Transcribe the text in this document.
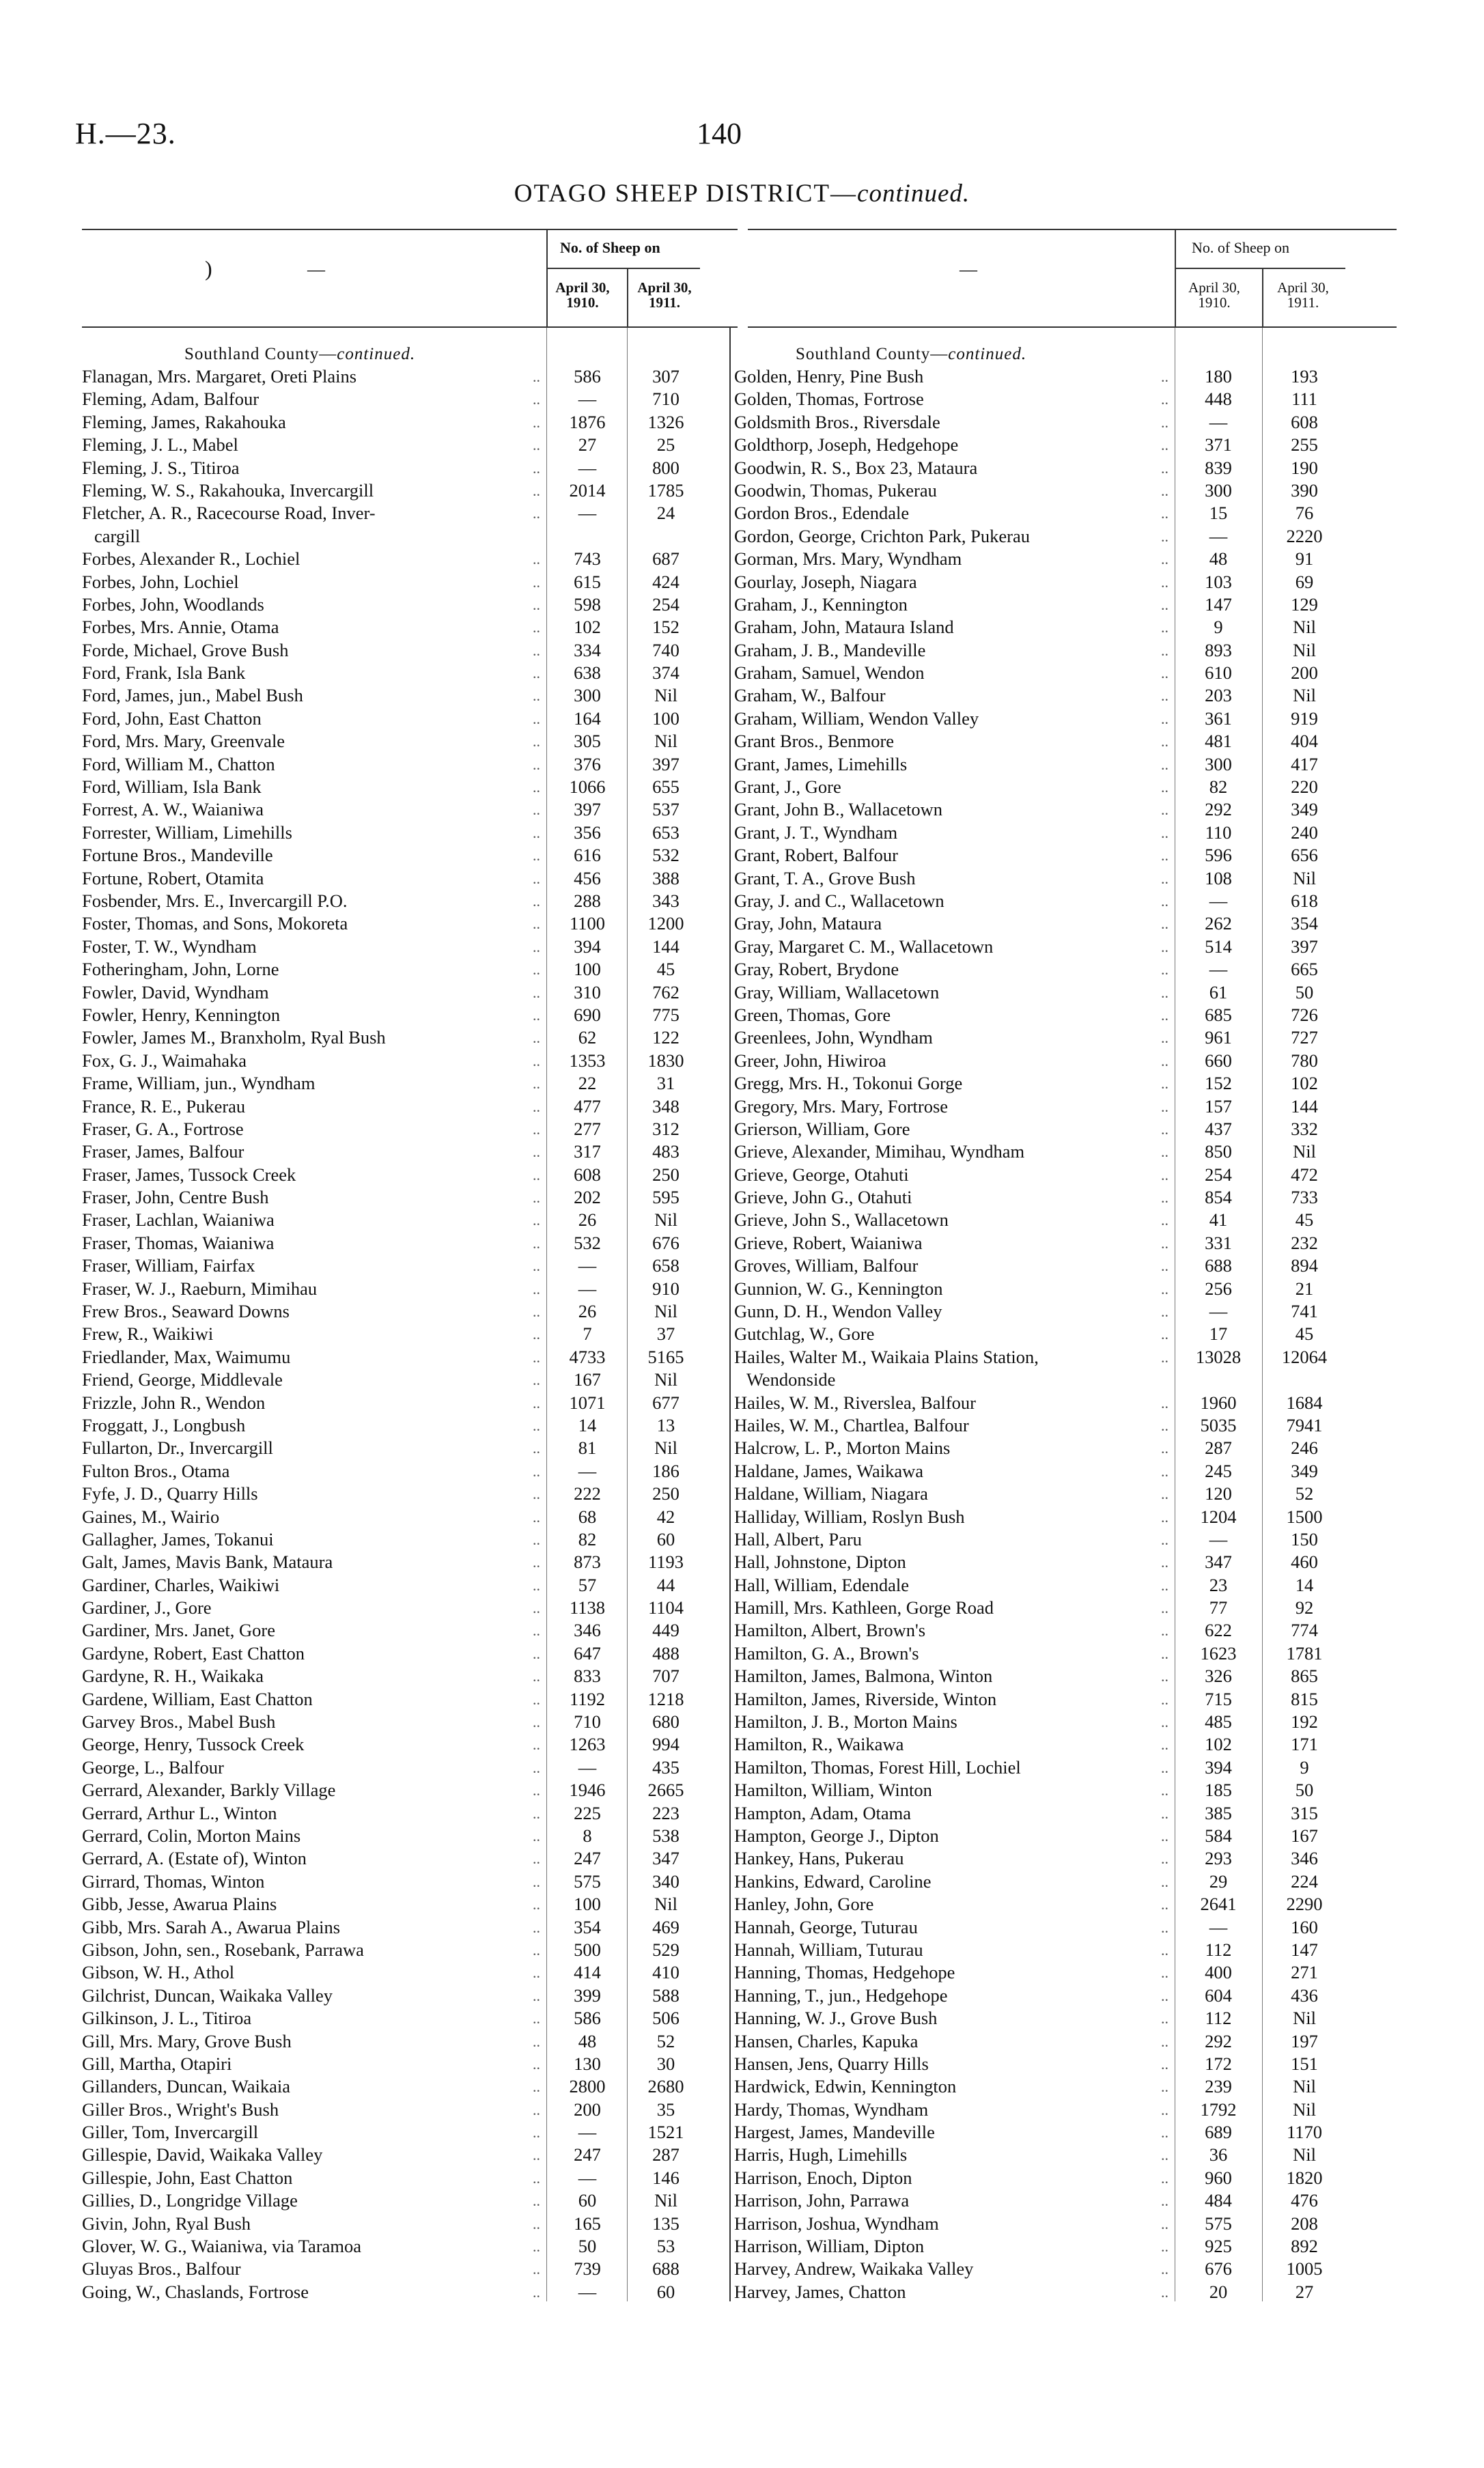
H.—23.	140
OTAGO SHEEP DISTRICT—continued.
)	—
No. of Sheep on
April 30, 1910.
April 30, 1911.
—
No. of Sheep on
April 30, 1910.
April 30, 1911.
Southland County—continued.	Southland County—continued.
Flanagan, Mrs. Margaret, Oreti Plains	..	586	307
Fleming, Adam, Balfour	..	—	710
Fleming, James, Rakahouka	..	1876	1326
Fleming, J. L., Mabel	..	27	25
Fleming, J. S., Titiroa	..	—	800
Fleming, W. S., Rakahouka, Invercargill	..	2014	1785
Fletcher, A. R., Racecourse Road, Inver-	..	—	24
cargill
Forbes, Alexander R., Lochiel	..	743	687
Forbes, John, Lochiel	..	615	424
Forbes, John, Woodlands	..	598	254
Forbes, Mrs. Annie, Otama	..	102	152
Forde, Michael, Grove Bush	..	334	740
Ford, Frank, Isla Bank	..	638	374
Ford, James, jun., Mabel Bush	..	300	Nil
Ford, John, East Chatton	..	164	100
Ford, Mrs. Mary, Greenvale	..	305	Nil
Ford, William M., Chatton	..	376	397
Ford, William, Isla Bank	..	1066	655
Forrest, A. W., Waianiwa	..	397	537
Forrester, William, Limehills	..	356	653
Fortune Bros., Mandeville	..	616	532
Fortune, Robert, Otamita	..	456	388
Fosbender, Mrs. E., Invercargill P.O.	..	288	343
Foster, Thomas, and Sons, Mokoreta	..	1100	1200
Foster, T. W., Wyndham	..	394	144
Fotheringham, John, Lorne	..	100	45
Fowler, David, Wyndham	..	310	762
Fowler, Henry, Kennington	..	690	775
Fowler, James M., Branxholm, Ryal Bush	..	62	122
Fox, G. J., Waimahaka	..	1353	1830
Frame, William, jun., Wyndham	..	22	31
France, R. E., Pukerau	..	477	348
Fraser, G. A., Fortrose	..	277	312
Fraser, James, Balfour	..	317	483
Fraser, James, Tussock Creek	..	608	250
Fraser, John, Centre Bush	..	202	595
Fraser, Lachlan, Waianiwa	..	26	Nil
Fraser, Thomas, Waianiwa	..	532	676
Fraser, William, Fairfax	..	—	658
Fraser, W. J., Raeburn, Mimihau	..	—	910
Frew Bros., Seaward Downs	..	26	Nil
Frew, R., Waikiwi	..	7	37
Friedlander, Max, Waimumu	..	4733	5165
Friend, George, Middlevale	..	167	Nil
Frizzle, John R., Wendon	..	1071	677
Froggatt, J., Longbush	..	14	13
Fullarton, Dr., Invercargill	..	81	Nil
Fulton Bros., Otama	..	—	186
Fyfe, J. D., Quarry Hills	..	222	250
Gaines, M., Wairio	..	68	42
Gallagher, James, Tokanui	..	82	60
Galt, James, Mavis Bank, Mataura	..	873	1193
Gardiner, Charles, Waikiwi	..	57	44
Gardiner, J., Gore	..	1138	1104
Gardiner, Mrs. Janet, Gore	..	346	449
Gardyne, Robert, East Chatton	..	647	488
Gardyne, R. H., Waikaka	..	833	707
Gardene, William, East Chatton	..	1192	1218
Garvey Bros., Mabel Bush	..	710	680
George, Henry, Tussock Creek	..	1263	994
George, L., Balfour	..	—	435
Gerrard, Alexander, Barkly Village	..	1946	2665
Gerrard, Arthur L., Winton	..	225	223
Gerrard, Colin, Morton Mains	..	8	538
Gerrard, A. (Estate of), Winton	..	247	347
Girrard, Thomas, Winton	..	575	340
Gibb, Jesse, Awarua Plains	..	100	Nil
Gibb, Mrs. Sarah A., Awarua Plains	..	354	469
Gibson, John, sen., Rosebank, Parrawa	..	500	529
Gibson, W. H., Athol	..	414	410
Gilchrist, Duncan, Waikaka Valley	..	399	588
Gilkinson, J. L., Titiroa	..	586	506
Gill, Mrs. Mary, Grove Bush	..	48	52
Gill, Martha, Otapiri	..	130	30
Gillanders, Duncan, Waikaia	..	2800	2680
Giller Bros., Wright's Bush	..	200	35
Giller, Tom, Invercargill	..	—	1521
Gillespie, David, Waikaka Valley	..	247	287
Gillespie, John, East Chatton	..	—	146
Gillies, D., Longridge Village	..	60	Nil
Givin, John, Ryal Bush	..	165	135
Glover, W. G., Waianiwa, via Taramoa	..	50	53
Gluyas Bros., Balfour	..	739	688
Going, W., Chaslands, Fortrose	..	—	60
Golden, Henry, Pine Bush	..	180	193
Golden, Thomas, Fortrose	..	448	111
Goldsmith Bros., Riversdale	..	—	608
Goldthorp, Joseph, Hedgehope	..	371	255
Goodwin, R. S., Box 23, Mataura	..	839	190
Goodwin, Thomas, Pukerau	..	300	390
Gordon Bros., Edendale	..	15	76
Gordon, George, Crichton Park, Pukerau	..	—	2220
Gorman, Mrs. Mary, Wyndham	..	48	91
Gourlay, Joseph, Niagara	..	103	69
Graham, J., Kennington	..	147	129
Graham, John, Mataura Island	..	9	Nil
Graham, J. B., Mandeville	..	893	Nil
Graham, Samuel, Wendon	..	610	200
Graham, W., Balfour	..	203	Nil
Graham, William, Wendon Valley	..	361	919
Grant Bros., Benmore	..	481	404
Grant, James, Limehills	..	300	417
Grant, J., Gore	..	82	220
Grant, John B., Wallacetown	..	292	349
Grant, J. T., Wyndham	..	110	240
Grant, Robert, Balfour	..	596	656
Grant, T. A., Grove Bush	..	108	Nil
Gray, J. and C., Wallacetown	..	—	618
Gray, John, Mataura	..	262	354
Gray, Margaret C. M., Wallacetown	..	514	397
Gray, Robert, Brydone	..	—	665
Gray, William, Wallacetown	..	61	50
Green, Thomas, Gore	..	685	726
Greenlees, John, Wyndham	..	961	727
Greer, John, Hiwiroa	..	660	780
Gregg, Mrs. H., Tokonui Gorge	..	152	102
Gregory, Mrs. Mary, Fortrose	..	157	144
Grierson, William, Gore	..	437	332
Grieve, Alexander, Mimihau, Wyndham	..	850	Nil
Grieve, George, Otahuti	..	254	472
Grieve, John G., Otahuti	..	854	733
Grieve, John S., Wallacetown	..	41	45
Grieve, Robert, Waianiwa	..	331	232
Groves, William, Balfour	..	688	894
Gunnion, W. G., Kennington	..	256	21
Gunn, D. H., Wendon Valley	..	—	741
Gutchlag, W., Gore	..	17	45
Hailes, Walter M., Waikaia Plains Station,	..	13028	12064
Wendonside
Hailes, W. M., Riverslea, Balfour	..	1960	1684
Hailes, W. M., Chartlea, Balfour	..	5035	7941
Halcrow, L. P., Morton Mains	..	287	246
Haldane, James, Waikawa	..	245	349
Haldane, William, Niagara	..	120	52
Halliday, William, Roslyn Bush	..	1204	1500
Hall, Albert, Paru	..	—	150
Hall, Johnstone, Dipton	..	347	460
Hall, William, Edendale	..	23	14
Hamill, Mrs. Kathleen, Gorge Road	..	77	92
Hamilton, Albert, Brown's	..	622	774
Hamilton, G. A., Brown's	..	1623	1781
Hamilton, James, Balmona, Winton	..	326	865
Hamilton, James, Riverside, Winton	..	715	815
Hamilton, J. B., Morton Mains	..	485	192
Hamilton, R., Waikawa	..	102	171
Hamilton, Thomas, Forest Hill, Lochiel	..	394	9
Hamilton, William, Winton	..	185	50
Hampton, Adam, Otama	..	385	315
Hampton, George J., Dipton	..	584	167
Hankey, Hans, Pukerau	..	293	346
Hankins, Edward, Caroline	..	29	224
Hanley, John, Gore	..	2641	2290
Hannah, George, Tuturau	..	—	160
Hannah, William, Tuturau	..	112	147
Hanning, Thomas, Hedgehope	..	400	271
Hanning, T., jun., Hedgehope	..	604	436
Hanning, W. J., Grove Bush	..	112	Nil
Hansen, Charles, Kapuka	..	292	197
Hansen, Jens, Quarry Hills	..	172	151
Hardwick, Edwin, Kennington	..	239	Nil
Hardy, Thomas, Wyndham	..	1792	Nil
Hargest, James, Mandeville	..	689	1170
Harris, Hugh, Limehills	..	36	Nil
Harrison, Enoch, Dipton	..	960	1820
Harrison, John, Parrawa	..	484	476
Harrison, Joshua, Wyndham	..	575	208
Harrison, William, Dipton	..	925	892
Harvey, Andrew, Waikaka Valley	..	676	1005
Harvey, James, Chatton	..	20	27
